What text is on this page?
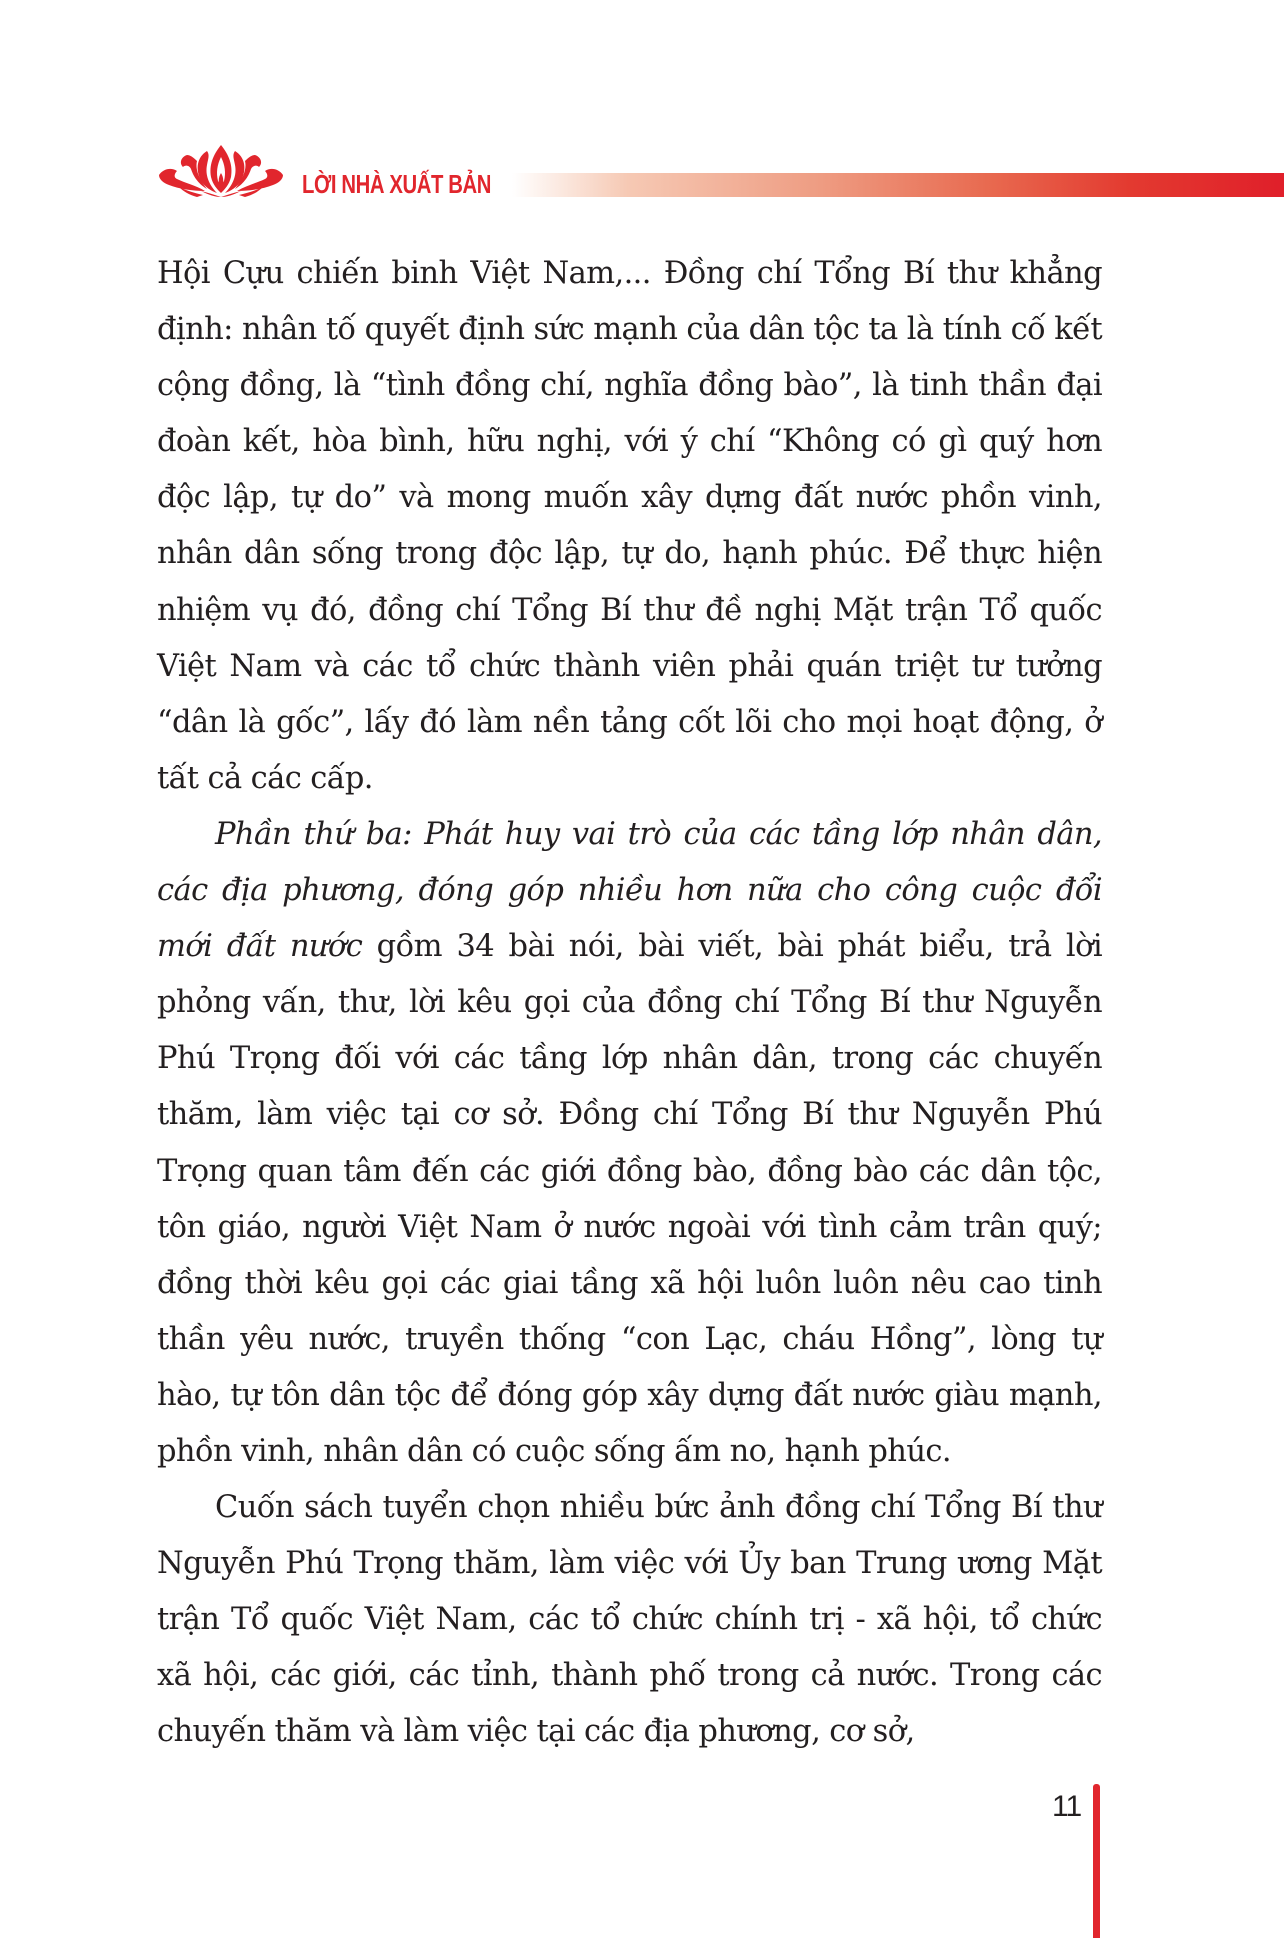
LỜI NHÀ XUẤT BẢN

Hội Cựu chiến binh Việt Nam,... Đồng chí Tổng Bí thư khẳng định: nhân tố quyết định sức mạnh của dân tộc ta là tính cố kết cộng đồng, là “tình đồng chí, nghĩa đồng bào”, là tinh thần đại đoàn kết, hòa bình, hữu nghị, với ý chí “Không có gì quý hơn độc lập, tự do” và mong muốn xây dựng đất nước phồn vinh, nhân dân sống trong độc lập, tự do, hạnh phúc. Để thực hiện nhiệm vụ đó, đồng chí Tổng Bí thư đề nghị Mặt trận Tổ quốc Việt Nam và các tổ chức thành viên phải quán triệt tư tưởng “dân là gốc”, lấy đó làm nền tảng cốt lõi cho mọi hoạt động, ở tất cả các cấp.

Phần thứ ba: Phát huy vai trò của các tầng lớp nhân dân, các địa phương, đóng góp nhiều hơn nữa cho công cuộc đổi mới đất nước gồm 34 bài nói, bài viết, bài phát biểu, trả lời phỏng vấn, thư, lời kêu gọi của đồng chí Tổng Bí thư Nguyễn Phú Trọng đối với các tầng lớp nhân dân, trong các chuyến thăm, làm việc tại cơ sở. Đồng chí Tổng Bí thư Nguyễn Phú Trọng quan tâm đến các giới đồng bào, đồng bào các dân tộc, tôn giáo, người Việt Nam ở nước ngoài với tình cảm trân quý; đồng thời kêu gọi các giai tầng xã hội luôn luôn nêu cao tinh thần yêu nước, truyền thống “con Lạc, cháu Hồng”, lòng tự hào, tự tôn dân tộc để đóng góp xây dựng đất nước giàu mạnh, phồn vinh, nhân dân có cuộc sống ấm no, hạnh phúc.

Cuốn sách tuyển chọn nhiều bức ảnh đồng chí Tổng Bí thư Nguyễn Phú Trọng thăm, làm việc với Ủy ban Trung ương Mặt trận Tổ quốc Việt Nam, các tổ chức chính trị - xã hội, tổ chức xã hội, các giới, các tỉnh, thành phố trong cả nước. Trong các chuyến thăm và làm việc tại các địa phương, cơ sở,

11
